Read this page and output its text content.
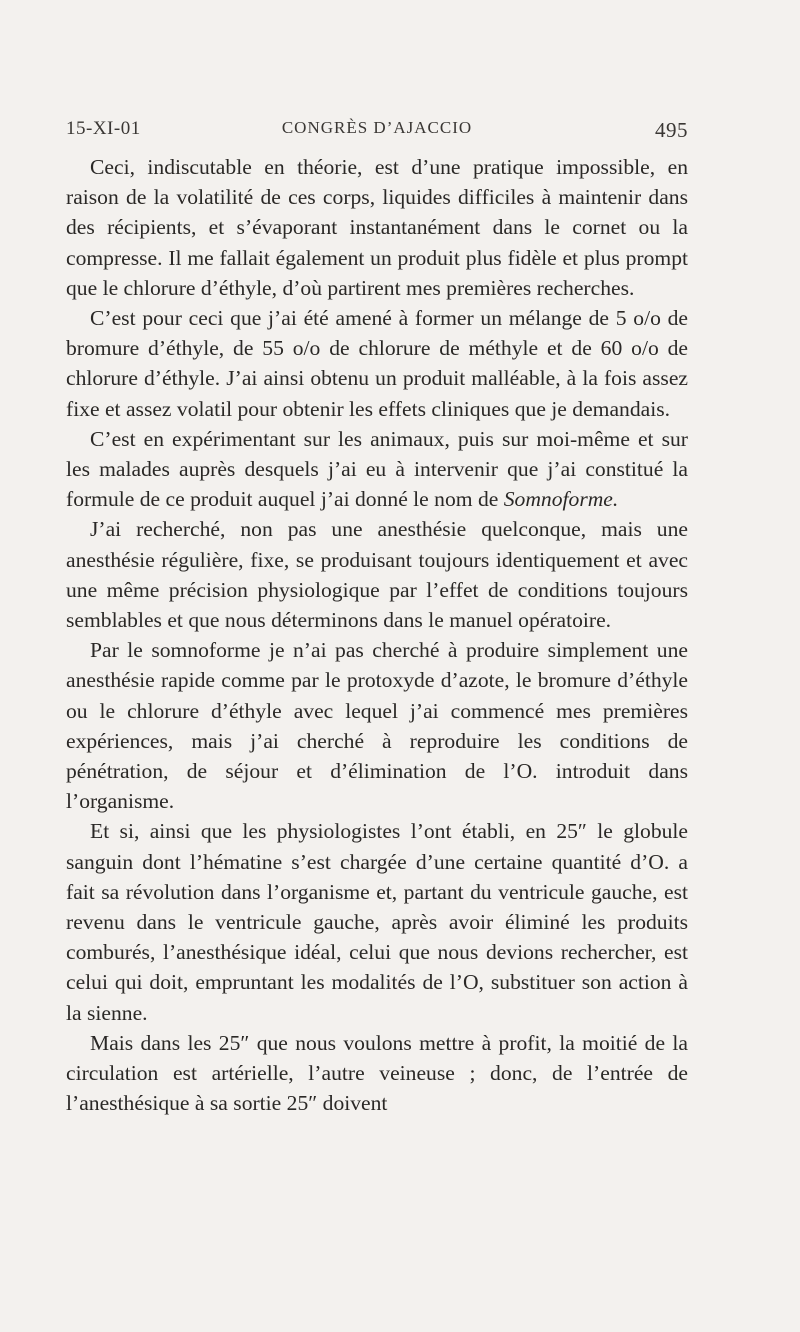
15-XI-01	CONGRÈS D’AJACCIO	495

Ceci, indiscutable en théorie, est d’une pratique impossible, en raison de la volatilité de ces corps, liquides difficiles à maintenir dans des récipients, et s’évaporant instantanément dans le cornet ou la compresse. Il me fallait également un produit plus fidèle et plus prompt que le chlorure d’éthyle, d’où partirent mes premières recherches.

C’est pour ceci que j’ai été amené à former un mélange de 5 o/o de bromure d’éthyle, de 55 o/o de chlorure de méthyle et de 60 o/o de chlorure d’éthyle. J’ai ainsi obtenu un produit malléable, à la fois assez fixe et assez volatil pour obtenir les effets cliniques que je demandais.

C’est en expérimentant sur les animaux, puis sur moi-même et sur les malades auprès desquels j’ai eu à intervenir que j’ai constitué la formule de ce produit auquel j’ai donné le nom de Somnoforme.

J’ai recherché, non pas une anesthésie quelconque, mais une anesthésie régulière, fixe, se produisant toujours identiquement et avec une même précision physiologique par l’effet de conditions toujours semblables et que nous déterminons dans le manuel opératoire.

Par le somnoforme je n’ai pas cherché à produire simplement une anesthésie rapide comme par le protoxyde d’azote, le bromure d’éthyle ou le chlorure d’éthyle avec lequel j’ai commencé mes premières expériences, mais j’ai cherché à reproduire les conditions de pénétration, de séjour et d’élimination de l’O. introduit dans l’organisme.

Et si, ainsi que les physiologistes l’ont établi, en 25″ le globule sanguin dont l’hématine s’est chargée d’une certaine quantité d’O. a fait sa révolution dans l’organisme et, partant du ventricule gauche, est revenu dans le ventricule gauche, après avoir éliminé les produits comburés, l’anesthésique idéal, celui que nous devions rechercher, est celui qui doit, empruntant les modalités de l’O, substituer son action à la sienne.

Mais dans les 25″ que nous voulons mettre à profit, la moitié de la circulation est artérielle, l’autre veineuse ; donc, de l’entrée de l’anesthésique à sa sortie 25″ doivent
